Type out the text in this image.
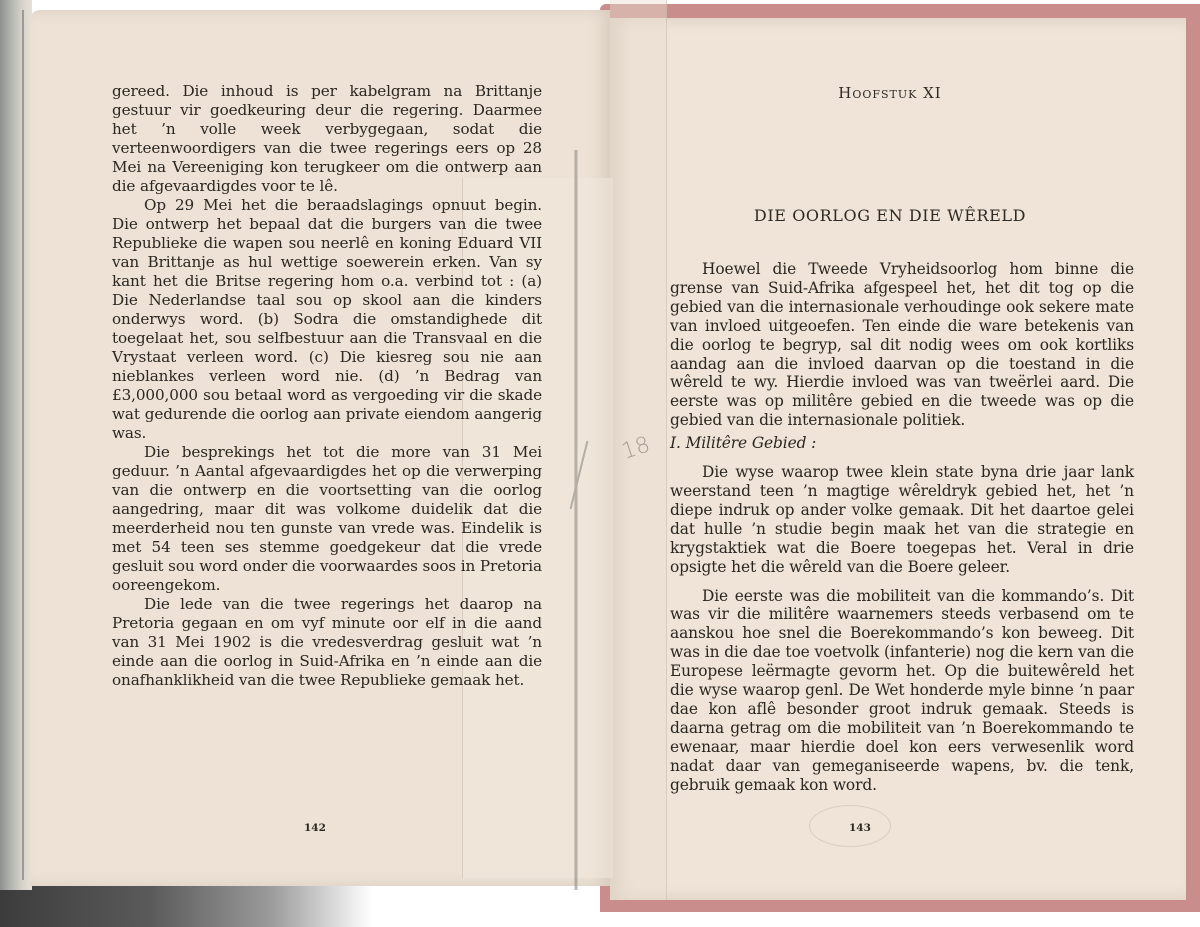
gereed. Die inhoud is per kabelgram na Brittanje gestuur vir goedkeuring deur die regering. Daarmee het ’n volle week verbygegaan, sodat die verteenwoordigers van die twee regerings eers op 28 Mei na Vereeniging kon terugkeer om die ontwerp aan die afgevaardigdes voor te lê.

Op 29 Mei het die beraadslagings opnuut begin. Die ontwerp het bepaal dat die burgers van die twee Republieke die wapen sou neerlê en koning Eduard VII van Brittanje as hul wettige soewerein erken. Van sy kant het die Britse regering hom o.a. verbind tot : (a) Die Nederlandse taal sou op skool aan die kinders onderwys word. (b) Sodra die omstandighede dit toegelaat het, sou selfbestuur aan die Transvaal en die Vrystaat verleen word. (c) Die kiesreg sou nie aan nieblankes verleen word nie. (d) ’n Bedrag van £3,000,000 sou betaal word as vergoeding vir die skade wat gedurende die oorlog aan private eiendom aangerig was.

Die besprekings het tot die more van 31 Mei geduur. ’n Aantal afgevaardigdes het op die verwerping van die ontwerp en die voortsetting van die oorlog aangedring, maar dit was volkome duidelik dat die meerderheid nou ten gunste van vrede was. Eindelik is met 54 teen ses stemme goedgekeur dat die vrede gesluit sou word onder die voorwaardes soos in Pretoria ooreengekom.

Die lede van die twee regerings het daarop na Pretoria gegaan en om vyf minute oor elf in die aand van 31 Mei 1902 is die vredesverdrag gesluit wat ’n einde aan die oorlog in Suid-Afrika en ’n einde aan die onafhanklikheid van die twee Republieke gemaak het.

142
Hoofstuk XI
DIE OORLOG EN DIE WÊRELD

Hoewel die Tweede Vryheidsoorlog hom binne die grense van Suid-Afrika afgespeel het, het dit tog op die gebied van die internasionale verhoudinge ook sekere mate van invloed uitgeoefen. Ten einde die ware betekenis van die oorlog te begryp, sal dit nodig wees om ook kortliks aandag aan die invloed daarvan op die toestand in die wêreld te wy. Hierdie invloed was van tweërlei aard. Die eerste was op militêre gebied en die tweede was op die gebied van die internasionale politiek.

I. Militêre Gebied :

Die wyse waarop twee klein state byna drie jaar lank weerstand teen ’n magtige wêreldryk gebied het, het ’n diepe indruk op ander volke gemaak. Dit het daartoe gelei dat hulle ’n studie begin maak het van die strategie en krygstaktiek wat die Boere toegepas het. Veral in drie opsigte het die wêreld van die Boere geleer.

Die eerste was die mobiliteit van die kommando’s. Dit was vir die militêre waarnemers steeds verbasend om te aanskou hoe snel die Boerekommando’s kon beweeg. Dit was in die dae toe voetvolk (infanterie) nog die kern van die Europese leërmagte gevorm het. Op die buitewêreld het die wyse waarop genl. De Wet honderde myle binne ’n paar dae kon aflê besonder groot indruk gemaak. Steeds is daarna getrag om die mobiliteit van ’n Boerekommando te ewenaar, maar hierdie doel kon eers verwesenlik word nadat daar van gemeganiseerde wapens, bv. die tenk, gebruik gemaak kon word.

143
18
